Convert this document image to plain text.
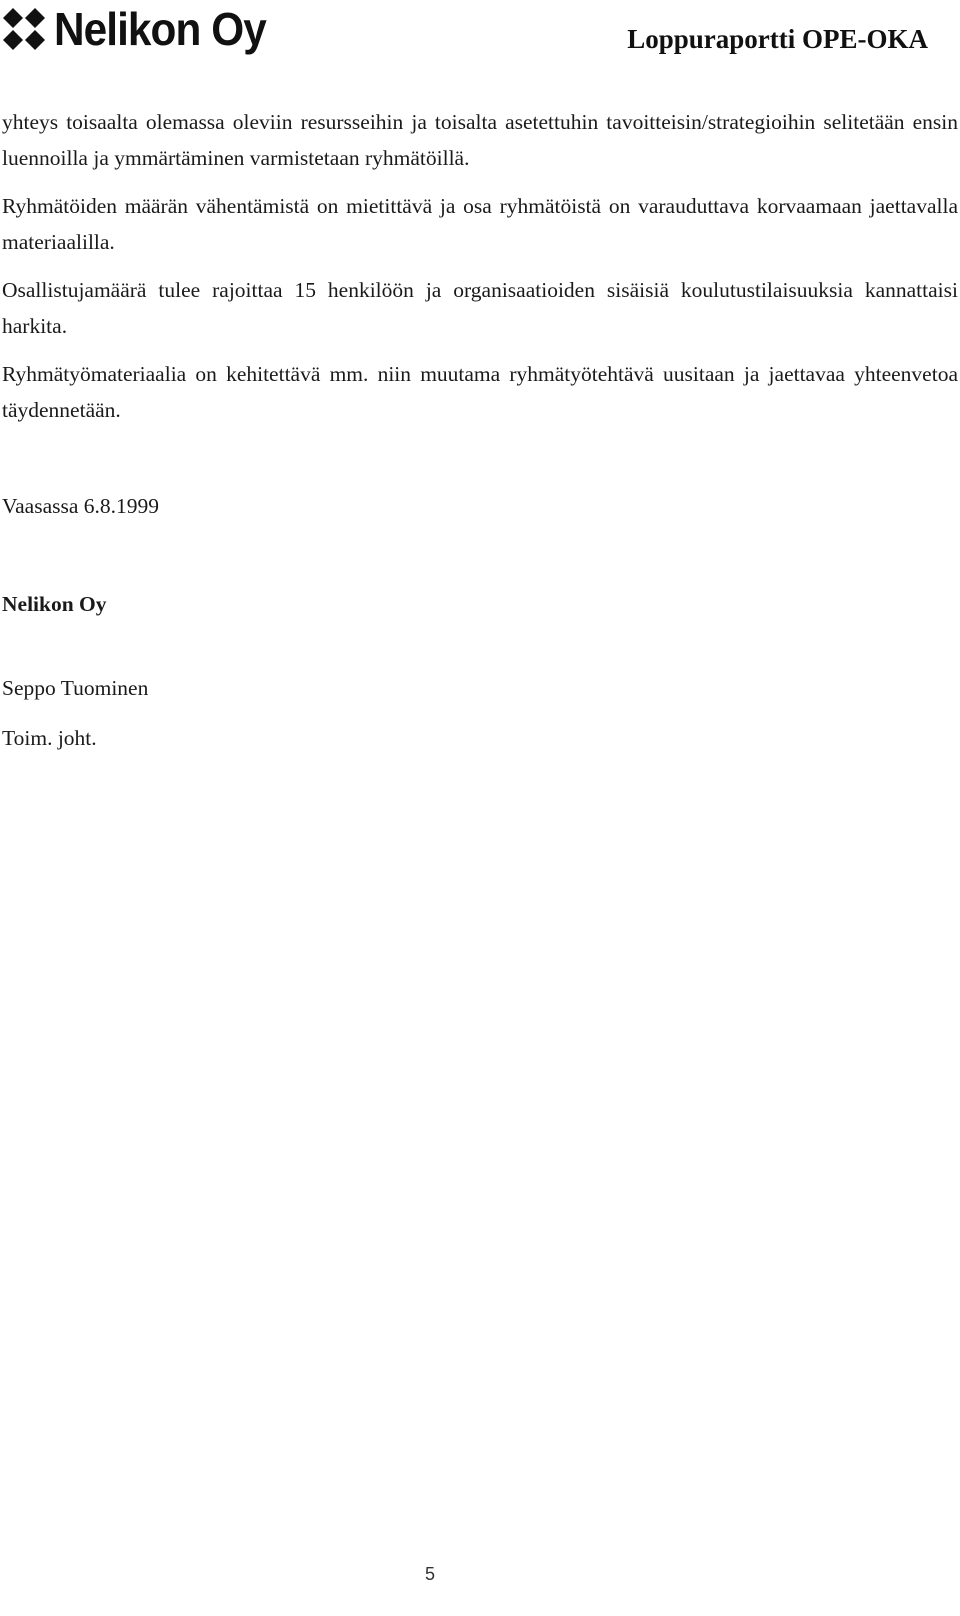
Nelikon Oy	Loppuraportti OPE-OKA

yhteys toisaalta olemassa oleviin resursseihin ja toisalta asetettuhin tavoitteisin/strategioihin selitetään ensin luennoilla ja ymmärtäminen varmistetaan ryhmätöillä.

Ryhmätöiden määrän vähentämistä on mietittävä ja osa ryhmätöistä on varauduttava korvaamaan jaettavalla materiaalilla.

Osallistujamäärä tulee rajoittaa 15 henkilöön ja organisaatioiden sisäisiä koulutustilaisuuksia kannattaisi harkita.

Ryhmätyömateriaalia on kehitettävä mm. niin muutama ryhmätyötehtävä uusitaan ja jaettavaa yhteenvetoa täydennetään.

Vaasassa 6.8.1999
Nelikon Oy
Seppo Tuominen
Toim. joht.
5
